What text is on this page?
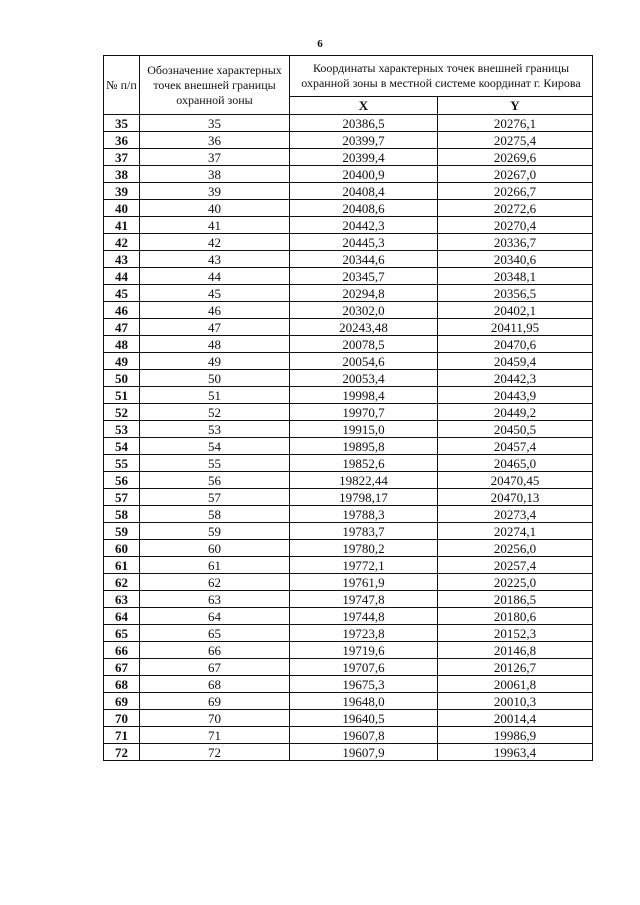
6
№ п/п	Обозначение характерных точек внешней границы охранной зоны	Координаты характерных точек внешней границы охранной зоны в местной системе координат г. Кирова	
		X	Y
35	35	20386,5	20276,1
36	36	20399,7	20275,4
37	37	20399,4	20269,6
38	38	20400,9	20267,0
39	39	20408,4	20266,7
40	40	20408,6	20272,6
41	41	20442,3	20270,4
42	42	20445,3	20336,7
43	43	20344,6	20340,6
44	44	20345,7	20348,1
45	45	20294,8	20356,5
46	46	20302,0	20402,1
47	47	20243,48	20411,95
48	48	20078,5	20470,6
49	49	20054,6	20459,4
50	50	20053,4	20442,3
51	51	19998,4	20443,9
52	52	19970,7	20449,2
53	53	19915,0	20450,5
54	54	19895,8	20457,4
55	55	19852,6	20465,0
56	56	19822,44	20470,45
57	57	19798,17	20470,13
58	58	19788,3	20273,4
59	59	19783,7	20274,1
60	60	19780,2	20256,0
61	61	19772,1	20257,4
62	62	19761,9	20225,0
63	63	19747,8	20186,5
64	64	19744,8	20180,6
65	65	19723,8	20152,3
66	66	19719,6	20146,8
67	67	19707,6	20126,7
68	68	19675,3	20061,8
69	69	19648,0	20010,3
70	70	19640,5	20014,4
71	71	19607,8	19986,9
72	72	19607,9	19963,4
